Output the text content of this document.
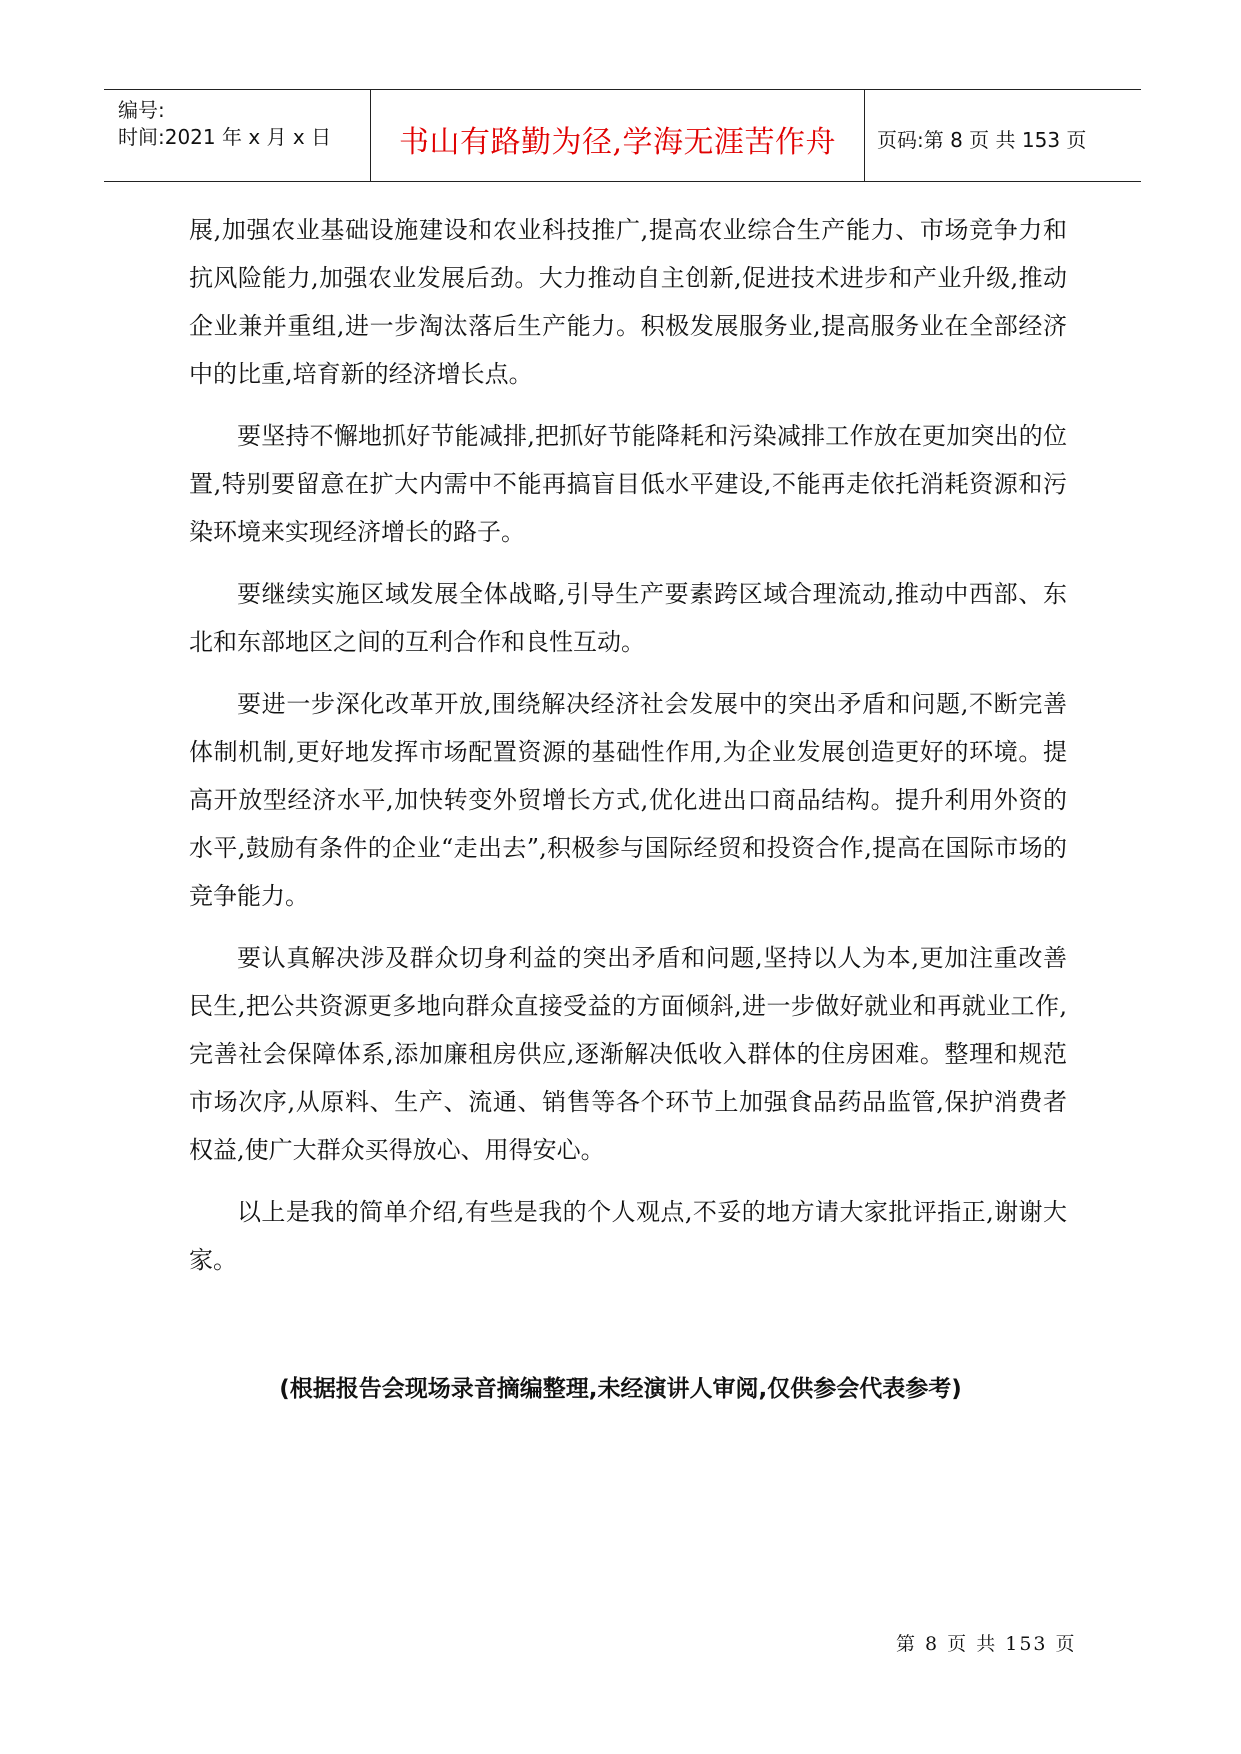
编号:
时间:2021 年 x 月 x 日	书山有路勤为径,学海无涯苦作舟	页码:第 8 页 共 153 页

展,加强农业基础设施建设和农业科技推广,提高农业综合生产能力、市场竞争力和抗风险能力,加强农业发展后劲。大力推动自主创新,促进技术进步和产业升级,推动企业兼并重组,进一步淘汰落后生产能力。积极发展服务业,提高服务业在全部经济中的比重,培育新的经济增长点。

要坚持不懈地抓好节能减排,把抓好节能降耗和污染减排工作放在更加突出的位置,特别要留意在扩大内需中不能再搞盲目低水平建设,不能再走依托消耗资源和污染环境来实现经济增长的路子。

要继续实施区域发展全体战略,引导生产要素跨区域合理流动,推动中西部、东北和东部地区之间的互利合作和良性互动。

要进一步深化改革开放,围绕解决经济社会发展中的突出矛盾和问题,不断完善体制机制,更好地发挥市场配置资源的基础性作用,为企业发展创造更好的环境。提高开放型经济水平,加快转变外贸增长方式,优化进出口商品结构。提升利用外资的水平,鼓励有条件的企业“走出去”,积极参与国际经贸和投资合作,提高在国际市场的竞争能力。

要认真解决涉及群众切身利益的突出矛盾和问题,坚持以人为本,更加注重改善民生,把公共资源更多地向群众直接受益的方面倾斜,进一步做好就业和再就业工作,完善社会保障体系,添加廉租房供应,逐渐解决低收入群体的住房困难。整理和规范市场次序,从原料、生产、流通、销售等各个环节上加强食品药品监管,保护消费者权益,使广大群众买得放心、用得安心。

以上是我的简单介绍,有些是我的个人观点,不妥的地方请大家批评指正,谢谢大家。

(根据报告会现场录音摘编整理,未经演讲人审阅,仅供参会代表参考)
第 8 页 共 153 页
